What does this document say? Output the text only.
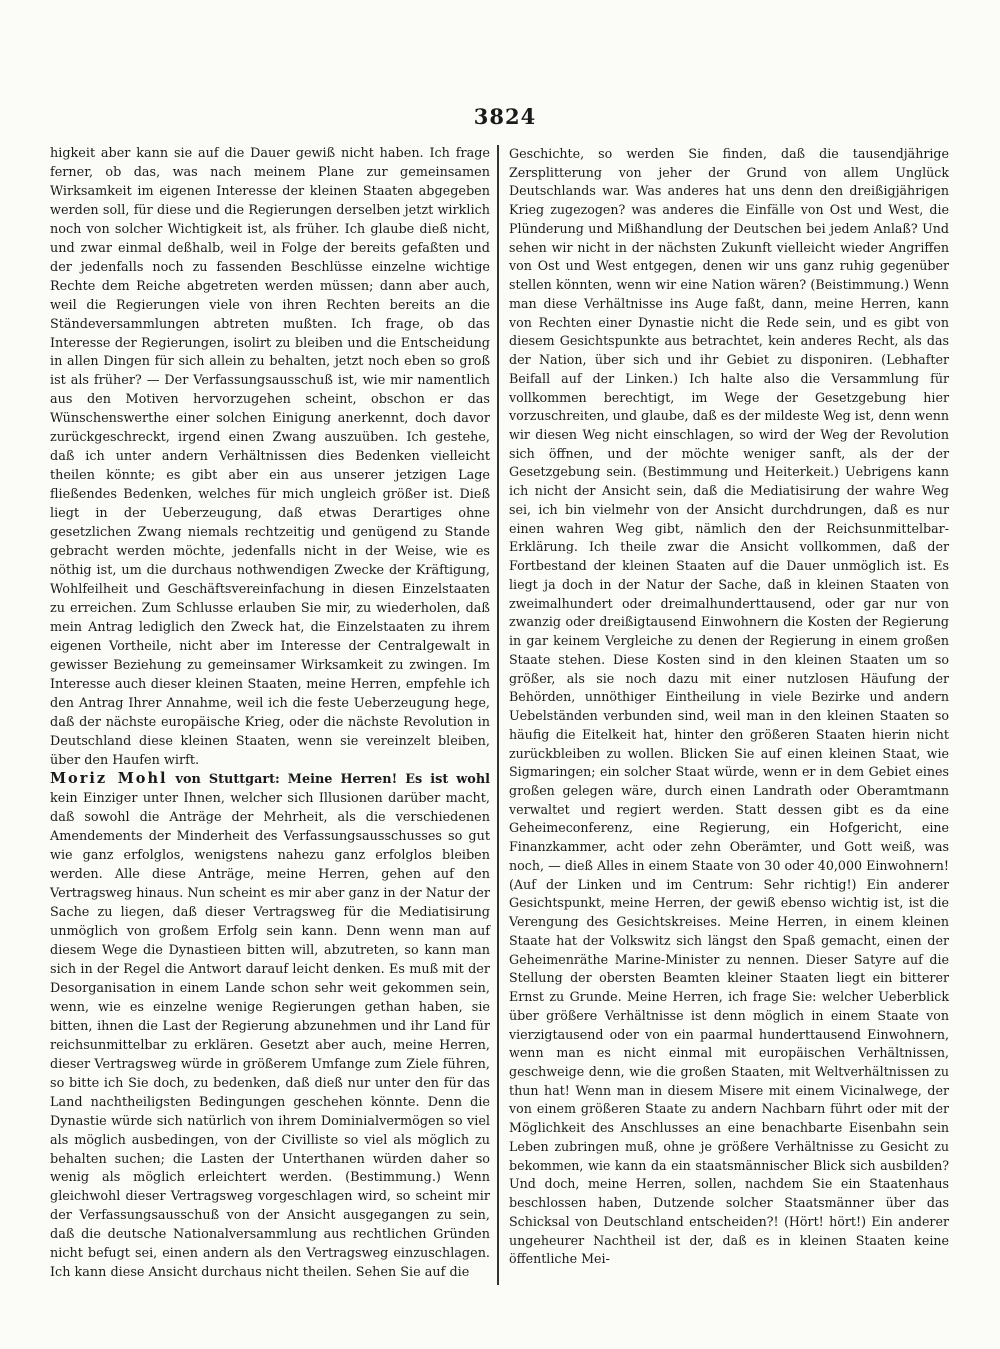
3824

higkeit aber kann sie auf die Dauer gewiß nicht haben. Ich frage ferner, ob das, was nach meinem Plane zur gemeinsamen Wirksamkeit im eigenen Interesse der kleinen Staaten abgegeben werden soll, für diese und die Regierungen derselben jetzt wirklich noch von solcher Wichtigkeit ist, als früher. Ich glaube dieß nicht, und zwar einmal deßhalb, weil in Folge der bereits gefaßten und der jedenfalls noch zu fassenden Beschlüsse einzelne wichtige Rechte dem Reiche abgetreten werden müssen; dann aber auch, weil die Regierungen viele von ihren Rechten bereits an die Ständeversammlungen abtreten mußten. Ich frage, ob das Interesse der Regierungen, isolirt zu bleiben und die Entscheidung in allen Dingen für sich allein zu behalten, jetzt noch eben so groß ist als früher? — Der Verfassungsausschuß ist, wie mir namentlich aus den Motiven hervorzugehen scheint, obschon er das Wünschenswerthe einer solchen Einigung anerkennt, doch davor zurückgeschreckt, irgend einen Zwang auszuüben. Ich gestehe, daß ich unter andern Verhältnissen dies Bedenken vielleicht theilen könnte; es gibt aber ein aus unserer jetzigen Lage fließendes Bedenken, welches für mich ungleich größer ist. Dieß liegt in der Ueberzeugung, daß etwas Derartiges ohne gesetzlichen Zwang niemals rechtzeitig und genügend zu Stande gebracht werden möchte, jedenfalls nicht in der Weise, wie es nöthig ist, um die durchaus nothwendigen Zwecke der Kräftigung, Wohlfeilheit und Geschäftsvereinfachung in diesen Einzelstaaten zu erreichen. Zum Schlusse erlauben Sie mir, zu wiederholen, daß mein Antrag lediglich den Zweck hat, die Einzelstaaten zu ihrem eigenen Vortheile, nicht aber im Interesse der Centralgewalt in gewisser Beziehung zu gemeinsamer Wirksamkeit zu zwingen. Im Interesse auch dieser kleinen Staaten, meine Herren, empfehle ich den Antrag Ihrer Annahme, weil ich die feste Ueberzeugung hege, daß der nächste europäische Krieg, oder die nächste Revolution in Deutschland diese kleinen Staaten, wenn sie vereinzelt bleiben, über den Haufen wirft.

Moriz Mohl von Stuttgart: Meine Herren! Es ist wohl kein Einziger unter Ihnen, welcher sich Illusionen darüber macht, daß sowohl die Anträge der Mehrheit, als die verschiedenen Amendements der Minderheit des Verfassungsausschusses so gut wie ganz erfolglos, wenigstens nahezu ganz erfolglos bleiben werden. Alle diese Anträge, meine Herren, gehen auf den Vertragsweg hinaus. Nun scheint es mir aber ganz in der Natur der Sache zu liegen, daß dieser Vertragsweg für die Mediatisirung unmöglich von großem Erfolg sein kann. Denn wenn man auf diesem Wege die Dynastieen bitten will, abzutreten, so kann man sich in der Regel die Antwort darauf leicht denken. Es muß mit der Desorganisation in einem Lande schon sehr weit gekommen sein, wenn, wie es einzelne wenige Regierungen gethan haben, sie bitten, ihnen die Last der Regierung abzunehmen und ihr Land für reichsunmittelbar zu erklären. Gesetzt aber auch, meine Herren, dieser Vertragsweg würde in größerem Umfange zum Ziele führen, so bitte ich Sie doch, zu bedenken, daß dieß nur unter den für das Land nachtheiligsten Bedingungen geschehen könnte. Denn die Dynastie würde sich natürlich von ihrem Dominialvermögen so viel als möglich ausbedingen, von der Civilliste so viel als möglich zu behalten suchen; die Lasten der Unterthanen würden daher so wenig als möglich erleichtert werden. (Bestimmung.) Wenn gleichwohl dieser Vertragsweg vorgeschlagen wird, so scheint mir der Verfassungsausschuß von der Ansicht ausgegangen zu sein, daß die deutsche Nationalversammlung aus rechtlichen Gründen nicht befugt sei, einen andern als den Vertragsweg einzuschlagen. Ich kann diese Ansicht durchaus nicht theilen. Sehen Sie auf die

Geschichte, so werden Sie finden, daß die tausendjährige Zersplitterung von jeher der Grund von allem Unglück Deutschlands war. Was anderes hat uns denn den dreißigjährigen Krieg zugezogen? was anderes die Einfälle von Ost und West, die Plünderung und Mißhandlung der Deutschen bei jedem Anlaß? Und sehen wir nicht in der nächsten Zukunft vielleicht wieder Angriffen von Ost und West entgegen, denen wir uns ganz ruhig gegenüber stellen könnten, wenn wir eine Nation wären? (Beistimmung.) Wenn man diese Verhältnisse ins Auge faßt, dann, meine Herren, kann von Rechten einer Dynastie nicht die Rede sein, und es gibt von diesem Gesichtspunkte aus betrachtet, kein anderes Recht, als das der Nation, über sich und ihr Gebiet zu disponiren. (Lebhafter Beifall auf der Linken.) Ich halte also die Versammlung für vollkommen berechtigt, im Wege der Gesetzgebung hier vorzuschreiten, und glaube, daß es der mildeste Weg ist, denn wenn wir diesen Weg nicht einschlagen, so wird der Weg der Revolution sich öffnen, und der möchte weniger sanft, als der der Gesetzgebung sein. (Bestimmung und Heiterkeit.) Uebrigens kann ich nicht der Ansicht sein, daß die Mediatisirung der wahre Weg sei, ich bin vielmehr von der Ansicht durchdrungen, daß es nur einen wahren Weg gibt, nämlich den der Reichsunmittelbar-Erklärung. Ich theile zwar die Ansicht vollkommen, daß der Fortbestand der kleinen Staaten auf die Dauer unmöglich ist. Es liegt ja doch in der Natur der Sache, daß in kleinen Staaten von zweimalhundert oder dreimalhunderttausend, oder gar nur von zwanzig oder dreißigtausend Einwohnern die Kosten der Regierung in gar keinem Vergleiche zu denen der Regierung in einem großen Staate stehen. Diese Kosten sind in den kleinen Staaten um so größer, als sie noch dazu mit einer nutzlosen Häufung der Behörden, unnöthiger Eintheilung in viele Bezirke und andern Uebelständen verbunden sind, weil man in den kleinen Staaten so häufig die Eitelkeit hat, hinter den größeren Staaten hierin nicht zurückbleiben zu wollen. Blicken Sie auf einen kleinen Staat, wie Sigmaringen; ein solcher Staat würde, wenn er in dem Gebiet eines großen gelegen wäre, durch einen Landrath oder Oberamtmann verwaltet und regiert werden. Statt dessen gibt es da eine Geheimeconferenz, eine Regierung, ein Hofgericht, eine Finanzkammer, acht oder zehn Oberämter, und Gott weiß, was noch, — dieß Alles in einem Staate von 30 oder 40,000 Einwohnern! (Auf der Linken und im Centrum: Sehr richtig!) Ein anderer Gesichtspunkt, meine Herren, der gewiß ebenso wichtig ist, ist die Verengung des Gesichtskreises. Meine Herren, in einem kleinen Staate hat der Volkswitz sich längst den Spaß gemacht, einen der Geheimenräthe Marine-Minister zu nennen. Dieser Satyre auf die Stellung der obersten Beamten kleiner Staaten liegt ein bitterer Ernst zu Grunde. Meine Herren, ich frage Sie: welcher Ueberblick über größere Verhältnisse ist denn möglich in einem Staate von vierzigtausend oder von ein paarmal hunderttausend Einwohnern, wenn man es nicht einmal mit europäischen Verhältnissen, geschweige denn, wie die großen Staaten, mit Weltverhältnissen zu thun hat! Wenn man in diesem Misere mit einem Vicinalwege, der von einem größeren Staate zu andern Nachbarn führt oder mit der Möglichkeit des Anschlusses an eine benachbarte Eisenbahn sein Leben zubringen muß, ohne je größere Verhältnisse zu Gesicht zu bekommen, wie kann da ein staatsmännischer Blick sich ausbilden? Und doch, meine Herren, sollen, nachdem Sie ein Staatenhaus beschlossen haben, Dutzende solcher Staatsmänner über das Schicksal von Deutschland entscheiden?! (Hört! hört!) Ein anderer ungeheurer Nachtheil ist der, daß es in kleinen Staaten keine öffentliche Mei-
